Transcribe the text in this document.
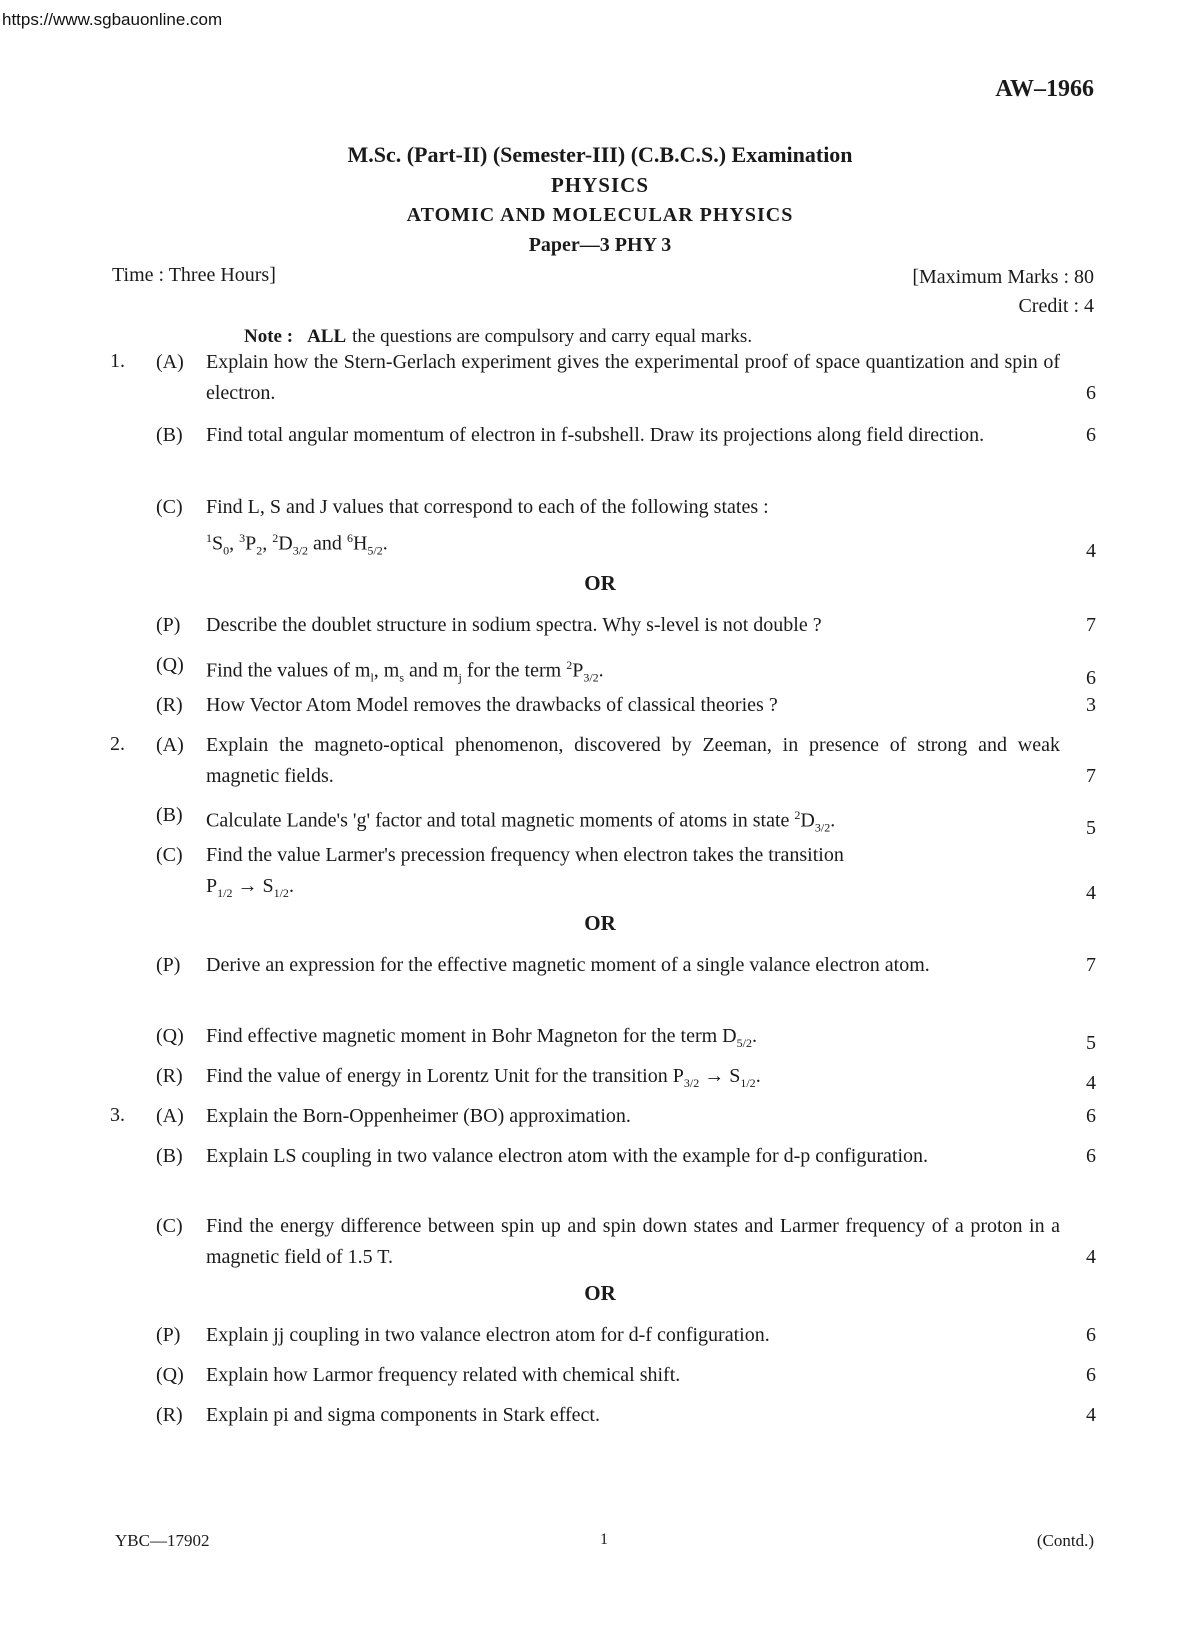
https://www.sgbauonline.com
AW–1966
M.Sc. (Part-II) (Semester-III) (C.B.C.S.) Examination
PHYSICS
ATOMIC AND MOLECULAR PHYSICS
Paper—3 PHY 3
Time : Three Hours]	[Maximum Marks : 80
Credit : 4
Note : ALL the questions are compulsory and carry equal marks.
1. (A) Explain how the Stern-Gerlach experiment gives the experimental proof of space quantization and spin of electron.	6
(B) Find total angular momentum of electron in f-subshell. Draw its projections along field direction.	6
(C) Find L, S and J values that correspond to each of the following states :
$^1S_0$, $^3P_2$, $^2D_{3/2}$ and $^6H_{5/2}$.	4
OR
(P) Describe the doublet structure in sodium spectra. Why s-level is not double ?	7
(Q) Find the values of $m_l$, $m_s$ and $m_j$ for the term $^2P_{3/2}$.	6
(R) How Vector Atom Model removes the drawbacks of classical theories ?	3
2. (A) Explain the magneto-optical phenomenon, discovered by Zeeman, in presence of strong and weak magnetic fields.	7
(B) Calculate Lande's 'g' factor and total magnetic moments of atoms in state $^2D_{3/2}$.	5
(C) Find the value Larmer's precession frequency when electron takes the transition
$P_{1/2} \to S_{1/2}$.	4
OR
(P) Derive an expression for the effective magnetic moment of a single valance electron atom.	7
(Q) Find effective magnetic moment in Bohr Magneton for the term $D_{5/2}$.	5
(R) Find the value of energy in Lorentz Unit for the transition $P_{3/2} \to S_{1/2}$.	4
3. (A) Explain the Born-Oppenheimer (BO) approximation.	6
(B) Explain LS coupling in two valance electron atom with the example for d-p configuration.	6
(C) Find the energy difference between spin up and spin down states and Larmer frequency of a proton in a magnetic field of 1.5 T.	4
OR
(P) Explain jj coupling in two valance electron atom for d-f configuration.	6
(Q) Explain how Larmor frequency related with chemical shift.	6
(R) Explain pi and sigma components in Stark effect.	4
YBC—17902	1	(Contd.)
